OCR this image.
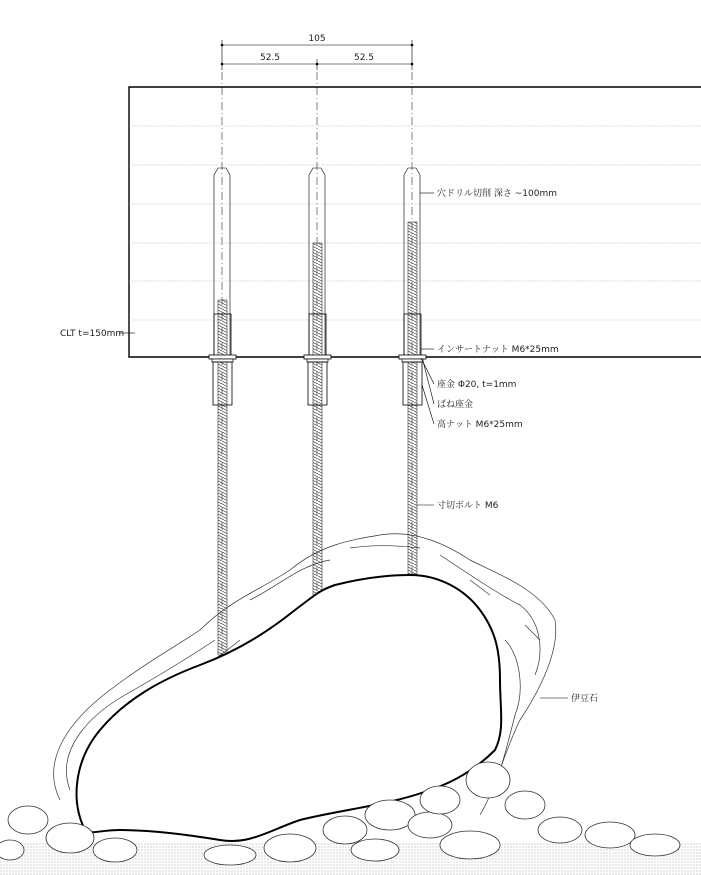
105
52.5	52.5
CLT t=150mm
穴ドリル切削 深さ ~100mm
インサートナット M6*25mm
座金 Φ20, t=1mm
ばね座金
高ナット M6*25mm
寸切ボルト M6
伊豆石
